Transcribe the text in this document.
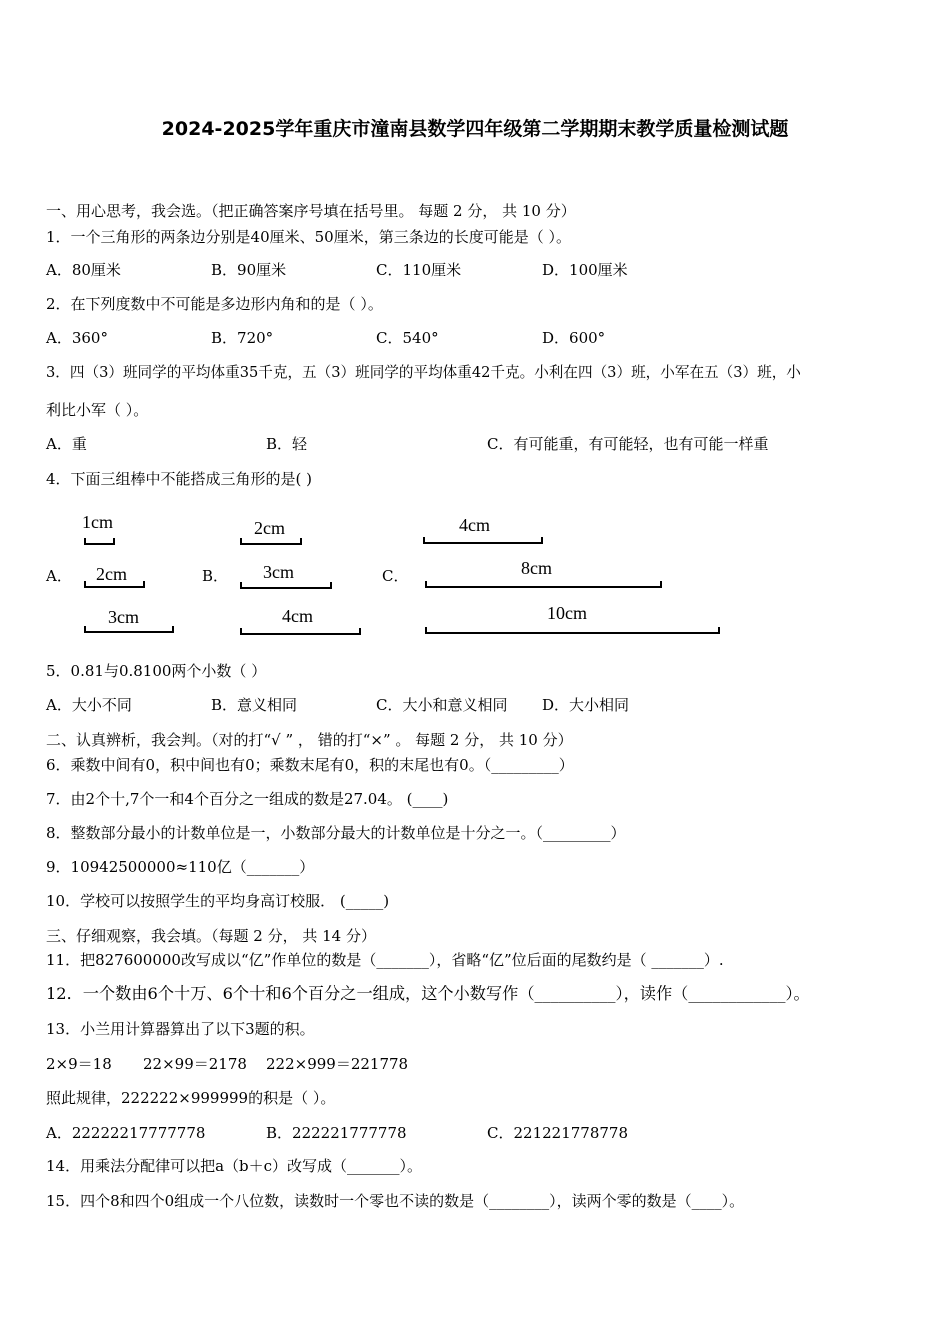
2024-2025学年重庆市潼南县数学四年级第二学期期末教学质量检测试题
一、用心思考，我会选。（把正确答案序号填在括号里。 每题 2 分， 共 10 分）
1．一个三角形的两条边分别是40厘米、50厘米，第三条边的长度可能是（ ）。
A．80厘米	B．90厘米	C．110厘米	D．100厘米
2．在下列度数中不可能是多边形内角和的是（ ）。
A．360°	B．720°	C．540°	D．600°
3．四（3）班同学的平均体重35千克，五（3）班同学的平均体重42千克。小利在四（3）班，小军在五（3）班，小
利比小军（ ）。
A．重	B．轻	C．有可能重，有可能轻，也有可能一样重
4．下面三组棒中不能搭成三角形的是( )
A．	B．	C．
1cm
2cm
3cm
2cm
3cm
4cm
4cm
8cm
10cm
5．0.81与0.8100两个小数（ ）
A．大小不同	B．意义相同	C．大小和意义相同 D．大小相同
二、认真辨析，我会判。（对的打“√ ” ， 错的打“×” 。 每题 2 分， 共 10 分）
6．乘数中间有0，积中间也有0；乘数末尾有0，积的末尾也有0。（_________）
7．由2个十,7个一和4个百分之一组成的数是27.04。 (____)
8．整数部分最小的计数单位是一，小数部分最大的计数单位是十分之一。（_________）
9．10942500000≈110亿（_______）
10．学校可以按照学生的平均身高订校服． (_____)
三、仔细观察，我会填。（每题 2 分， 共 14 分）
11．把827600000改写成以“亿”作单位的数是（_______），省略“亿”位后面的尾数约是（ _______）.
12．一个数由6个十万、6个十和6个百分之一组成，这个小数写作（__________），读作（____________）。
13．小兰用计算器算出了以下3题的积。
2×9＝18 22×99＝2178 222×999＝221778
照此规律，222222×999999的积是（ ）。
A．22222217777778	B．222221777778	C．221221778778
14．用乘法分配律可以把a（b＋c）改写成（_______）。
15．四个8和四个0组成一个八位数，读数时一个零也不读的数是（________），读两个零的数是（____）。
